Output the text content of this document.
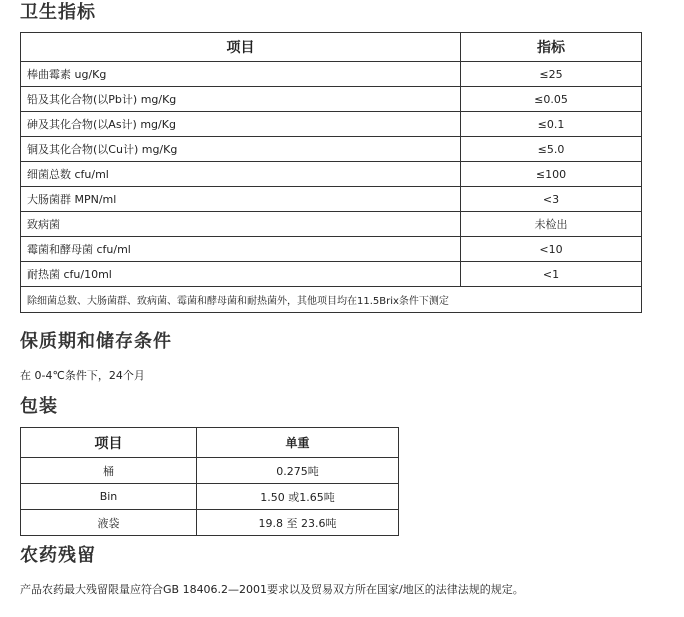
卫生指标
项目	指标
棒曲霉素 ug/Kg	≤25
铅及其化合物(以Pb计) mg/Kg	≤0.05
砷及其化合物(以As计) mg/Kg	≤0.1
铜及其化合物(以Cu计) mg/Kg	≤5.0
细菌总数 cfu/ml	≤100
大肠菌群 MPN/ml	<3
致病菌	未检出
霉菌和酵母菌 cfu/ml	<10
耐热菌 cfu/10ml	<1
除细菌总数、大肠菌群、致病菌、霉菌和酵母菌和耐热菌外，其他项目均在11.5Brix条件下测定	
保质期和储存条件

在 0-4℃条件下，24个月

包装
项目	单重
桶	0.275吨
Bin	1.50 或1.65吨
液袋	19.8 至 23.6吨
农药残留

产品农药最大残留限量应符合GB 18406.2—2001要求以及贸易双方所在国家/地区的法律法规的规定。
